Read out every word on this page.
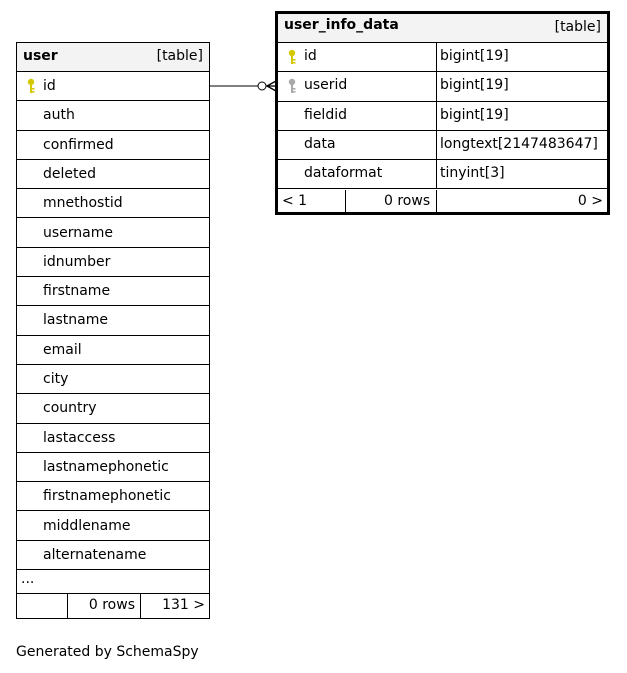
user	[table]
id
auth
confirmed
deleted
mnethostid
username
idnumber
firstname
lastname
email
city
country
lastaccess
lastnamephonetic
firstnamephonetic
middlename
alternatename
...
0 rows 131 >
user_info_data	[table]
id	bigint[19]
userid	bigint[19]
fieldid	bigint[19]
data	longtext[2147483647]
dataformat	tinyint[3]
< 1	0 rows	0 >
Generated by SchemaSpy
